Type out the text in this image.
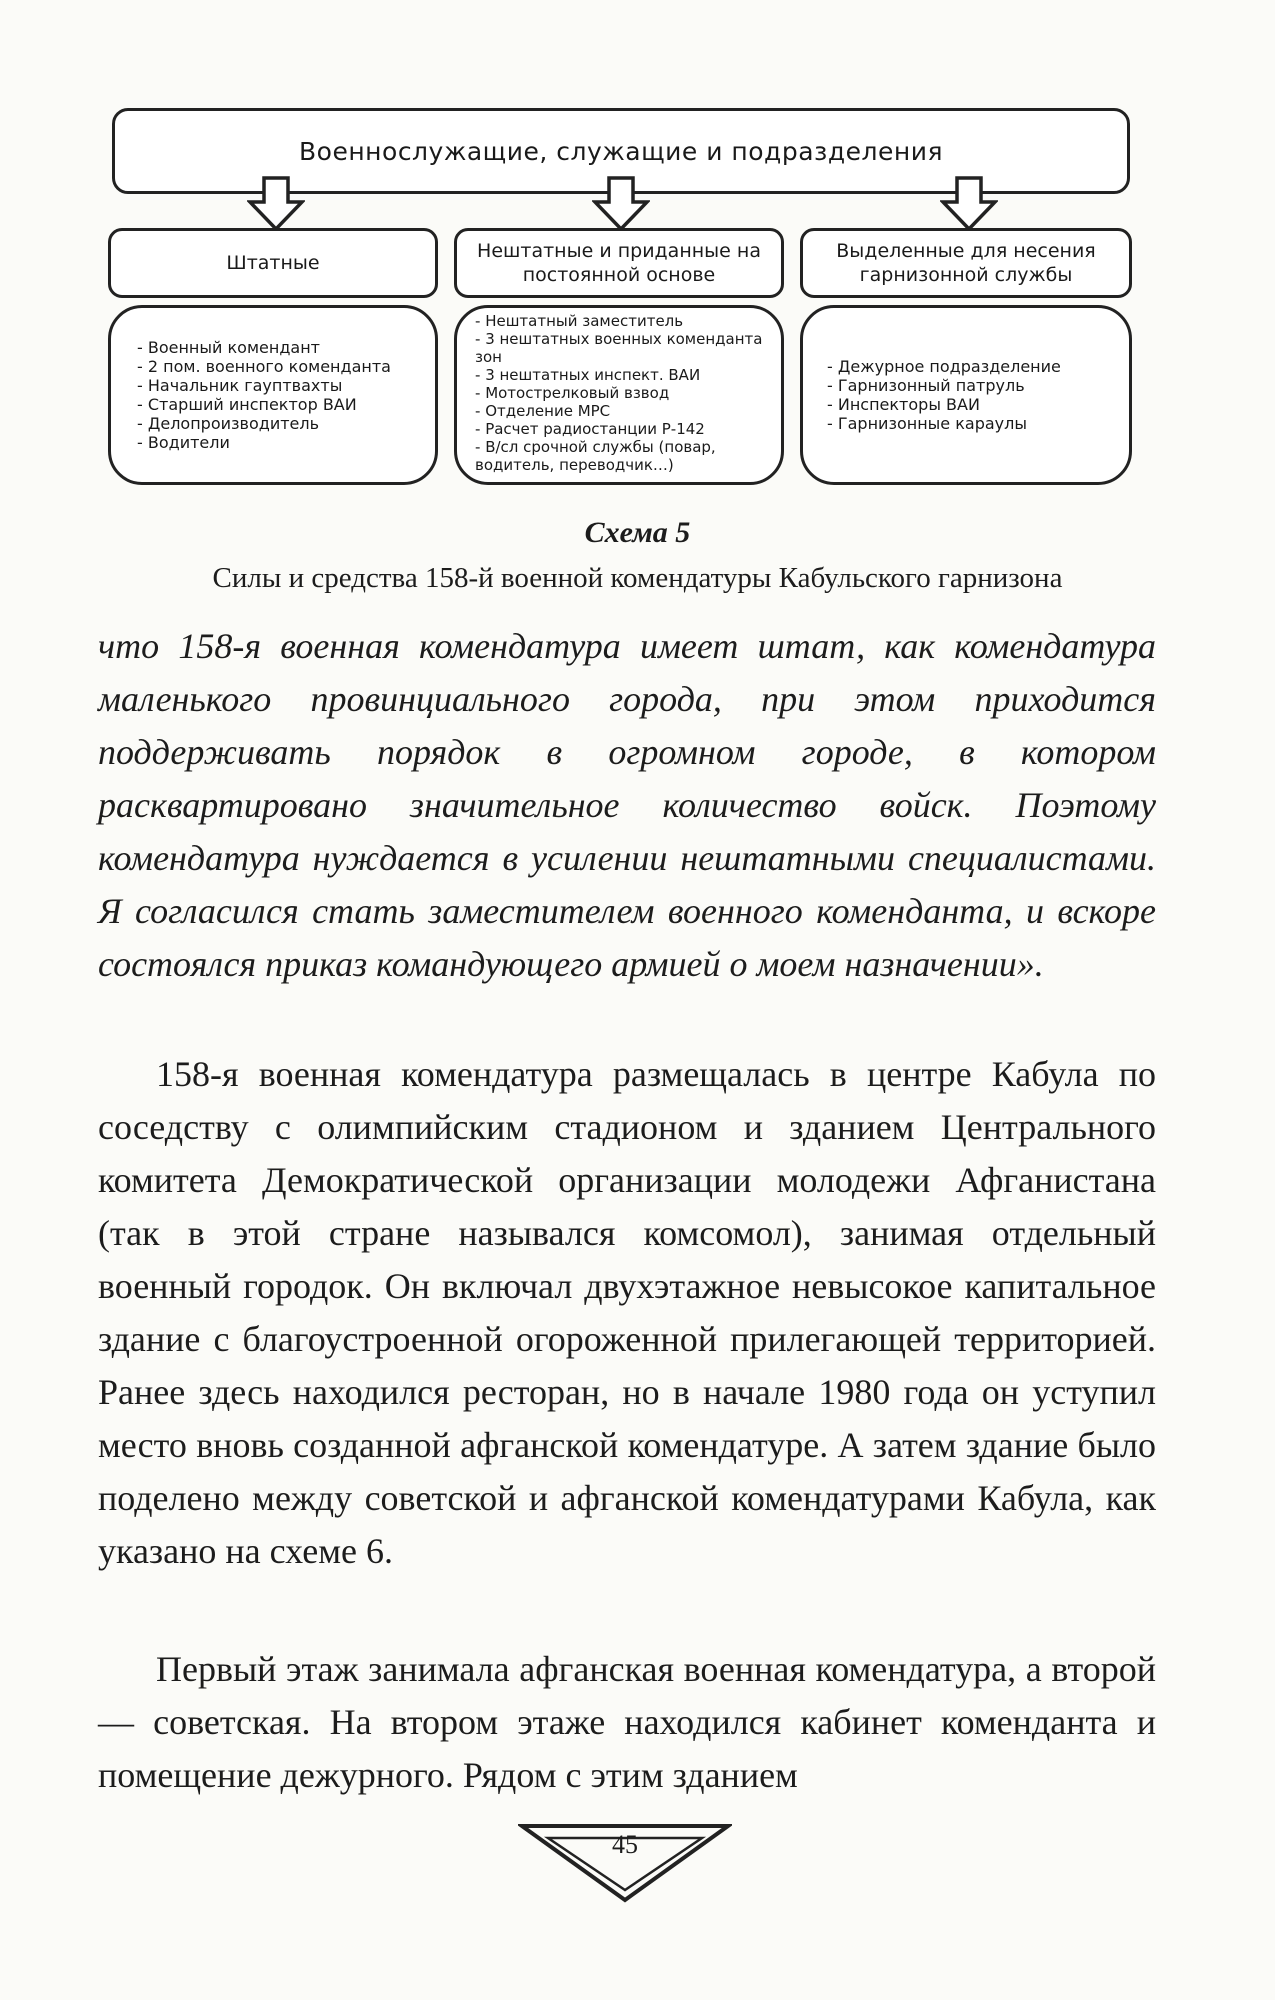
Военнослужащие, служащие и подразделения
Штатные
- Военный комендант
- 2 пом. военного коменданта
- Начальник гауптвахты
- Старший инспектор ВАИ
- Делопроизводитель
- Водители
Нештатные и приданные на постоянной основе
- Нештатный заместитель
- 3 нештатных военных коменданта зон
- 3 нештатных инспект. ВАИ
- Мотострелковый взвод
- Отделение МРС
- Расчет радиостанции Р-142
- В/сл срочной службы (повар, водитель, переводчик…)
Выделенные для несения гарнизонной службы
- Дежурное подразделение
- Гарнизонный патруль
- Инспекторы ВАИ
- Гарнизонные караулы
Схема 5
Силы и средства 158-й военной комендатуры Кабульского гарнизона

что 158-я военная комендатура имеет штат, как комендатура маленького провинциального города, при этом приходится поддерживать порядок в огромном городе, в котором расквартировано значительное количество войск. Поэтому комендатура нуждается в усилении нештатными специалистами. Я согласился стать заместителем военного коменданта, и вскоре состоялся приказ командующего армией о моем назначении».

158-я военная комендатура размещалась в центре Кабула по соседству с олимпийским стадионом и зданием Центрального комитета Демократической организации молодежи Афганистана (так в этой стране назывался комсомол), занимая отдельный военный городок. Он включал двухэтажное невысокое капитальное здание с благоустроенной огороженной прилегающей территорией. Ранее здесь находился ресторан, но в начале 1980 года он уступил место вновь созданной афганской комендатуре. А затем здание было поделено между советской и афганской комендатурами Кабула, как указано на схеме 6.

Первый этаж занимала афганская военная комендатура, а второй — советская. На втором этаже находился кабинет коменданта и помещение дежурного. Рядом с этим зданием

45
